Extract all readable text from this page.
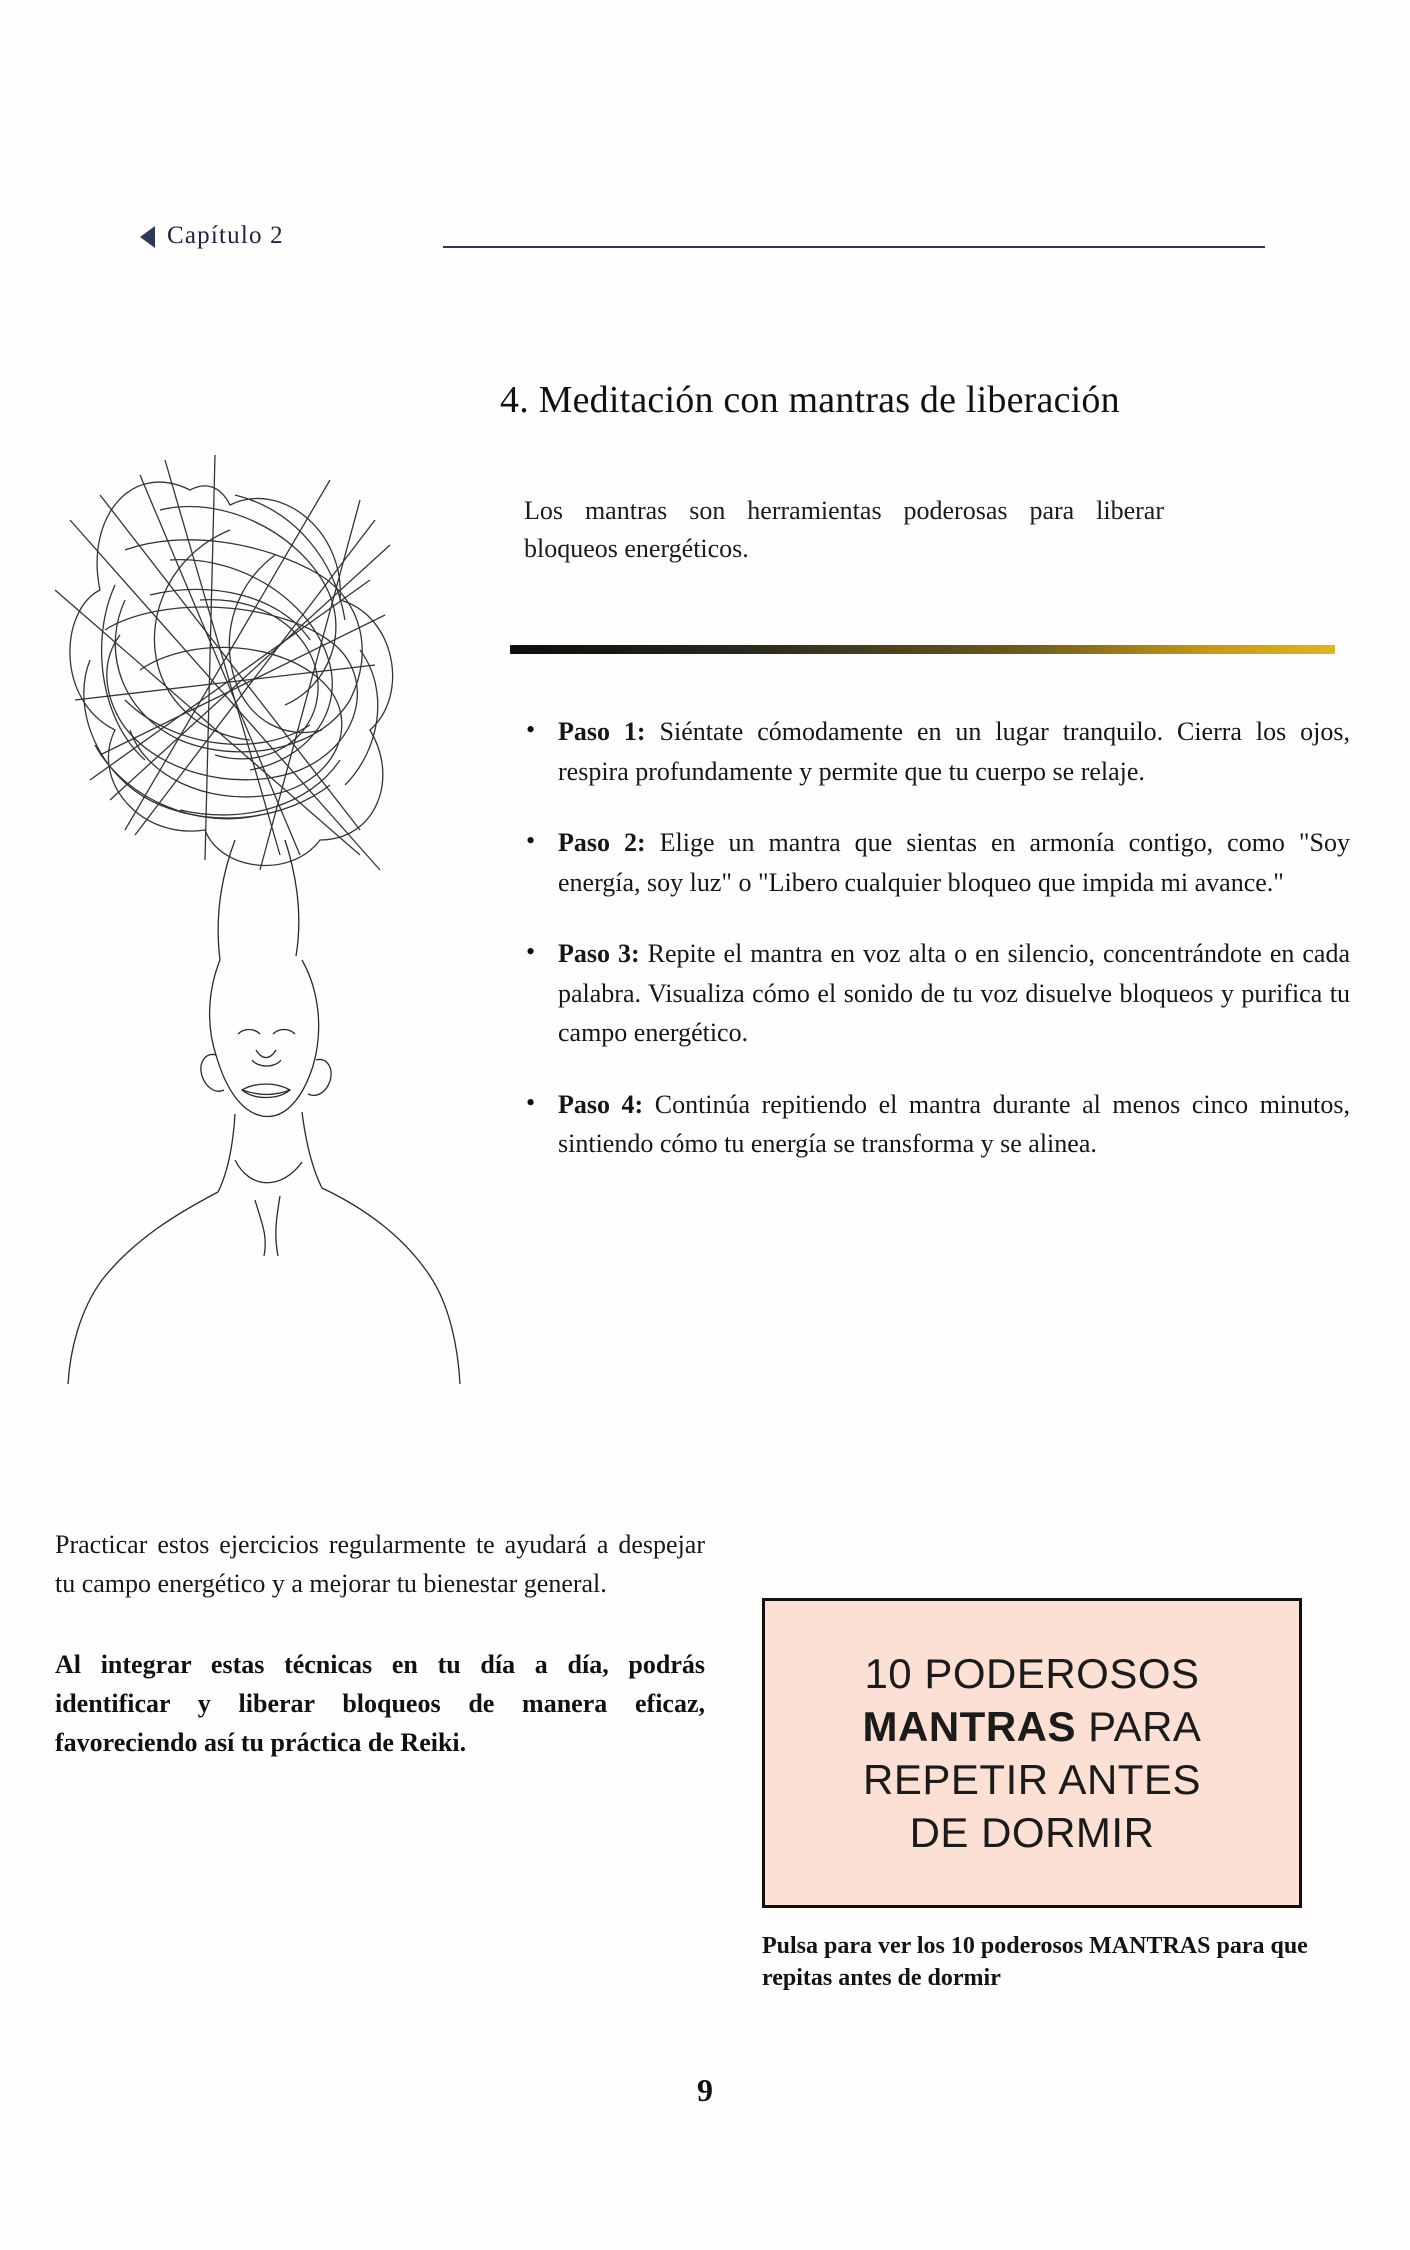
Capítulo 2
4. Meditación con mantras de liberación
Los mantras son herramientas poderosas para liberar bloqueos energéticos.
• Paso 1: Siéntate cómodamente en un lugar tranquilo. Cierra los ojos, respira profundamente y permite que tu cuerpo se relaje.
• Paso 2: Elige un mantra que sientas en armonía contigo, como "Soy energía, soy luz" o "Libero cualquier bloqueo que impida mi avance."
• Paso 3: Repite el mantra en voz alta o en silencio, concentrándote en cada palabra. Visualiza cómo el sonido de tu voz disuelve bloqueos y purifica tu campo energético.
• Paso 4: Continúa repitiendo el mantra durante al menos cinco minutos, sintiendo cómo tu energía se transforma y se alinea.

Practicar estos ejercicios regularmente te ayudará a despejar tu campo energético y a mejorar tu bienestar general.

Al integrar estas técnicas en tu día a día, podrás identificar y liberar bloqueos de manera eficaz, favoreciendo así tu práctica de Reiki.

10 PODEROSOS
MANTRAS PARA
REPETIR ANTES
DE DORMIR
Pulsa para ver los 10 poderosos MANTRAS para que repitas antes de dormir
9
